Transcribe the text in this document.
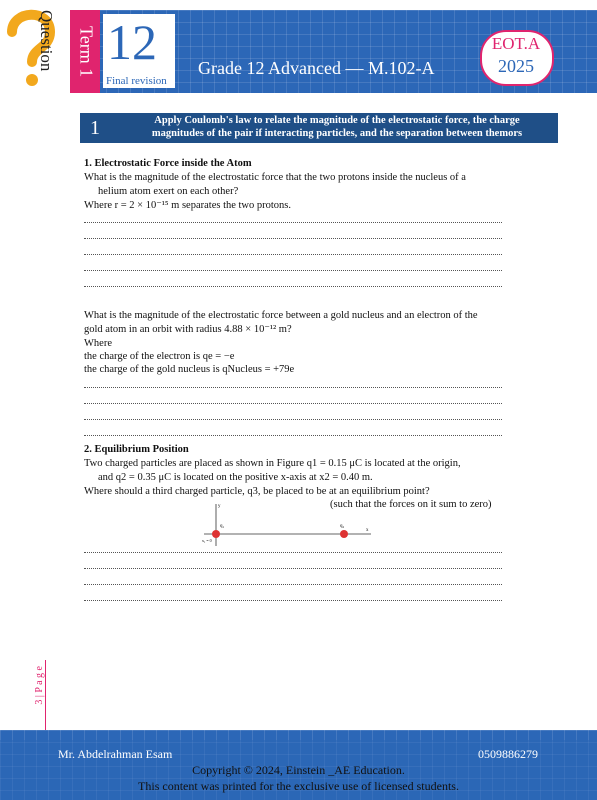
Term 1
Question 12
Final revision
Grade 12 Advanced — M.102-A
EOT.A
2025
1	Apply Coulomb's law to relate the magnitude of the electrostatic force, the charge
magnitudes of the pair if interacting particles, and the separation between themors
1. Electrostatic Force inside the Atom
What is the magnitude of the electrostatic force that the two protons inside the nucleus of a
helium atom exert on each other?
Where r = 2 × 10⁻¹⁵ m separates the two protons.
What is the magnitude of the electrostatic force between a gold nucleus and an electron of the
gold atom in an orbit with radius 4.88 × 10⁻¹² m?
Where
the charge of the electron is qe = −e
the charge of the gold nucleus is qNucleus = +79e
2. Equilibrium Position
Two charged particles are placed as shown in Figure q1 = 0.15 μC is located at the origin,
and q2 = 0.35 μC is located on the positive x-axis at x2 = 0.40 m.
Where should a third charged particle, q3, be placed to be at an equilibrium point?
(such that the forces on it sum to zero)
y
x
q₁	q₂
x₁ = 0
3 | P a g e
Mr. Abdelrahman Esam	0509886279
Copyright © 2024, Einstein _AE Education.
This content was printed for the exclusive use of licensed students.
